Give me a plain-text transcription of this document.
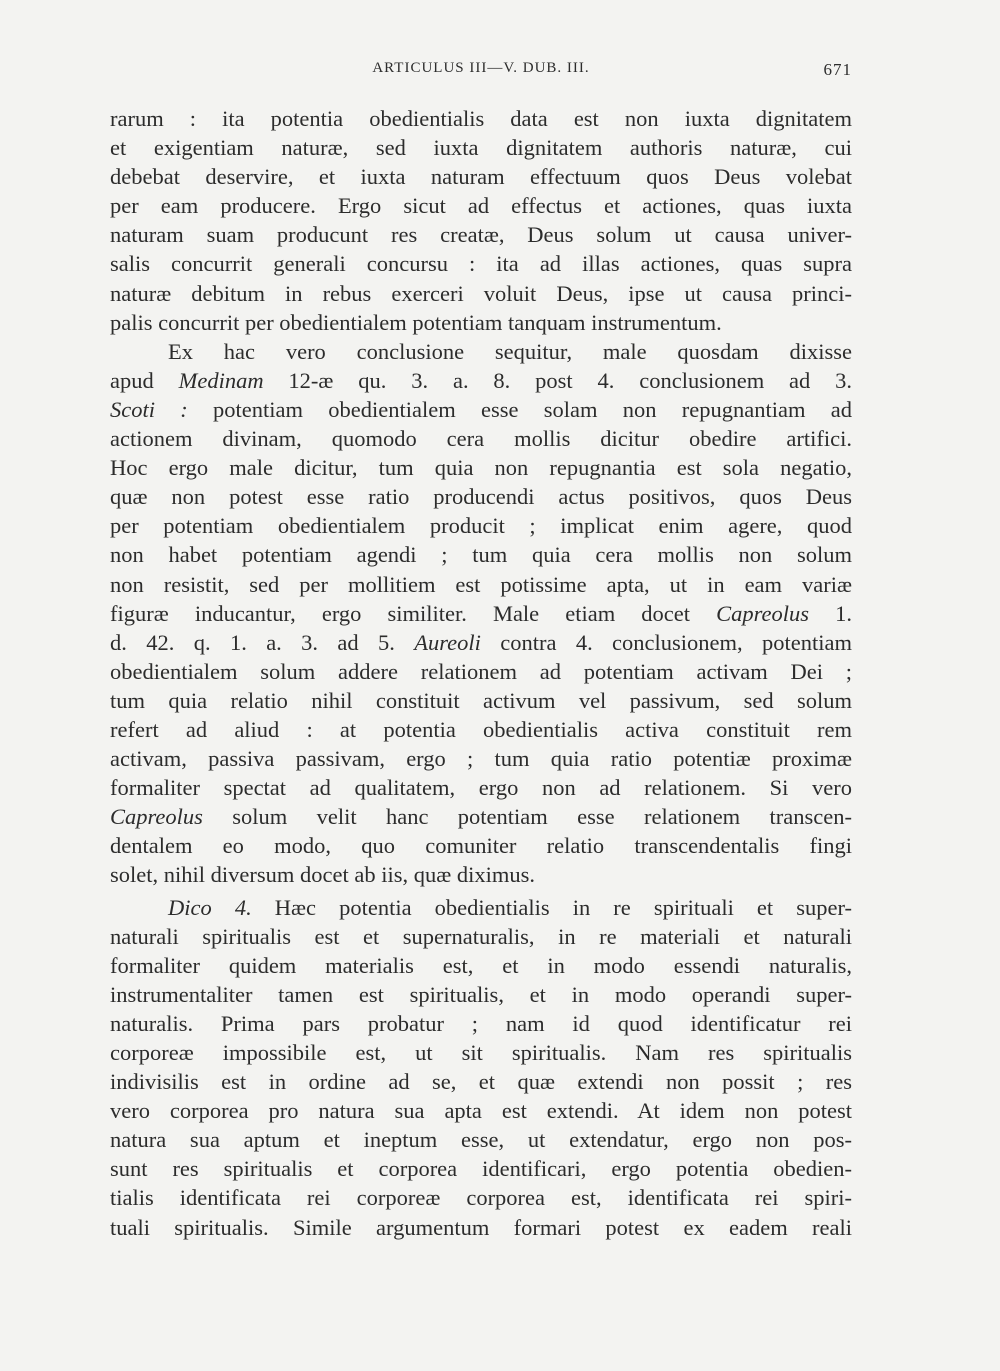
ARTICULUS III—V. DUB. III.	671
rarum : ita potentia obedientialis data est non iuxta dignitatem
et exigentiam naturæ, sed iuxta dignitatem authoris naturæ, cui
debebat deservire, et iuxta naturam effectuum quos Deus volebat
per eam producere. Ergo sicut ad effectus et actiones, quas iuxta
naturam suam producunt res creatæ, Deus solum ut causa univer-
salis concurrit generali concursu : ita ad illas actiones, quas supra
naturæ debitum in rebus exerceri voluit Deus, ipse ut causa princi-
palis concurrit per obedientialem potentiam tanquam instrumentum.
Ex hac vero conclusione sequitur, male quosdam dixisse
apud Medinam 12-æ qu. 3. a. 8. post 4. conclusionem ad 3.
Scoti : potentiam obedientialem esse solam non repugnantiam ad
actionem divinam, quomodo cera mollis dicitur obedire artifici.
Hoc ergo male dicitur, tum quia non repugnantia est sola negatio,
quæ non potest esse ratio producendi actus positivos, quos Deus
per potentiam obedientialem producit ; implicat enim agere, quod
non habet potentiam agendi ; tum quia cera mollis non solum
non resistit, sed per mollitiem est potissime apta, ut in eam variæ
figuræ inducantur, ergo similiter. Male etiam docet Capreolus 1.
d. 42. q. 1. a. 3. ad 5. Aureoli contra 4. conclusionem, potentiam
obedientialem solum addere relationem ad potentiam activam Dei ;
tum quia relatio nihil constituit activum vel passivum, sed solum
refert ad aliud : at potentia obedientialis activa constituit rem
activam, passiva passivam, ergo ; tum quia ratio potentiæ proximæ
formaliter spectat ad qualitatem, ergo non ad relationem. Si vero
Capreolus solum velit hanc potentiam esse relationem transcen-
dentalem eo modo, quo comuniter relatio transcendentalis fingi
solet, nihil diversum docet ab iis, quæ diximus.
Dico 4. Hæc potentia obedientialis in re spirituali et super-
naturali spiritualis est et supernaturalis, in re materiali et naturali
formaliter quidem materialis est, et in modo essendi naturalis,
instrumentaliter tamen est spiritualis, et in modo operandi super-
naturalis. Prima pars probatur ; nam id quod identificatur rei
corporeæ impossibile est, ut sit spiritualis. Nam res spiritualis
indivisilis est in ordine ad se, et quæ extendi non possit ; res
vero corporea pro natura sua apta est extendi. At idem non potest
natura sua aptum et ineptum esse, ut extendatur, ergo non pos-
sunt res spiritualis et corporea identificari, ergo potentia obedien-
tialis identificata rei corporeæ corporea est, identificata rei spiri-
tuali spiritualis. Simile argumentum formari potest ex eadem reali
